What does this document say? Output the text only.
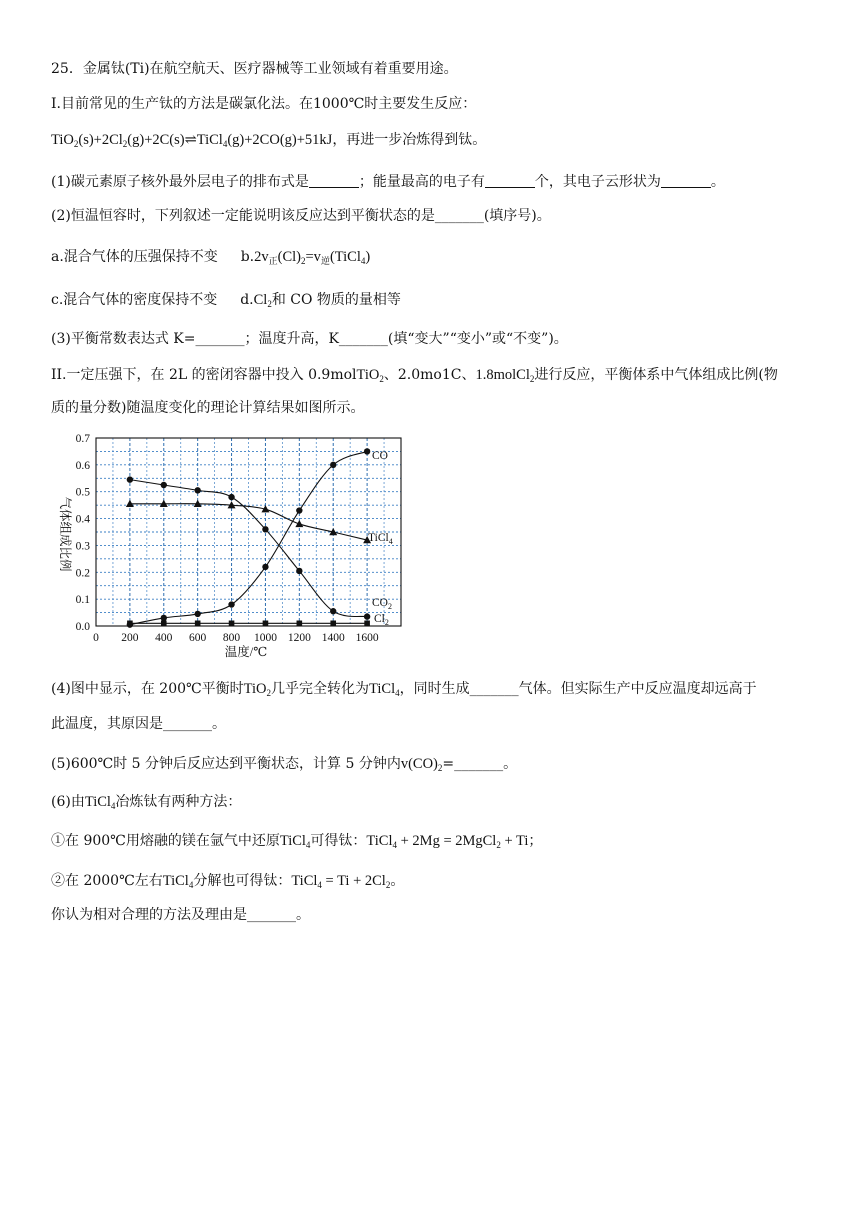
25．金属钛(Ti)在航空航天、医疗器械等工业领域有着重要用途。
I.目前常见的生产钛的方法是碳氯化法。在1000℃时主要发生反应：
$TiO_2(s)+2Cl_2(g)+2C(s)\rightleftharpoons TiCl_4(g)+2CO(g)+51kJ$，再进一步冶炼得到钛。
(1)碳元素原子核外最外层电子的排布式是	；能量最高的电子有	个，其电子云形状为	。
(2)恒温恒容时，下列叙述一定能说明该反应达到平衡状态的是_______(填序号)。
a.混合气体的压强保持不变 $b.2v_正(Cl)_2=v_逆(TiCl_4)$
c.混合气体的密度保持不变 $d.Cl_2$和 CO 物质的量相等
(3)平衡常数表达式 K=_______；温度升高，K_______(填“变大”“变小”或“不变”)。
II.一定压强下，在 2L 的密闭容器中投入 0.9molTiO$_2$、2.0mo1C、1.8molCl$_2$进行反应，平衡体系中气体组成比例(物
质的量分数)随温度变化的理论计算结果如图所示。
0.0
0.1
0.2
0.3
0.4
0.5
0.6
0.7
0 200 400 600 800 1000 1200 1400 1600
气体组成比例
温度/℃
CO
TiCl$_4$
$CO_2$
$Cl_2$
(4)图中显示，在 200℃平衡时TiO$_2$几乎完全转化为TiCl$_4$，同时生成_______气体。但实际生产中反应温度却远高于
此温度，其原因是_______。
(5)600℃时 5 分钟后反应达到平衡状态，计算 5 分钟内$v(CO)_2=\_\_\_\_\_\_\_$。
(6)由TiCl$_4$冶炼钛有两种方法：
①在 900℃用熔融的镁在氩气中还原TiCl$_4$可得钛：TiCl$_4$ + 2Mg = 2MgCl$_2$ + Ti；
②在 2000℃左右TiCl$_4$分解也可得钛：TiCl$_4$ = $Ti + 2Cl_2$。
你认为相对合理的方法及理由是_______。
